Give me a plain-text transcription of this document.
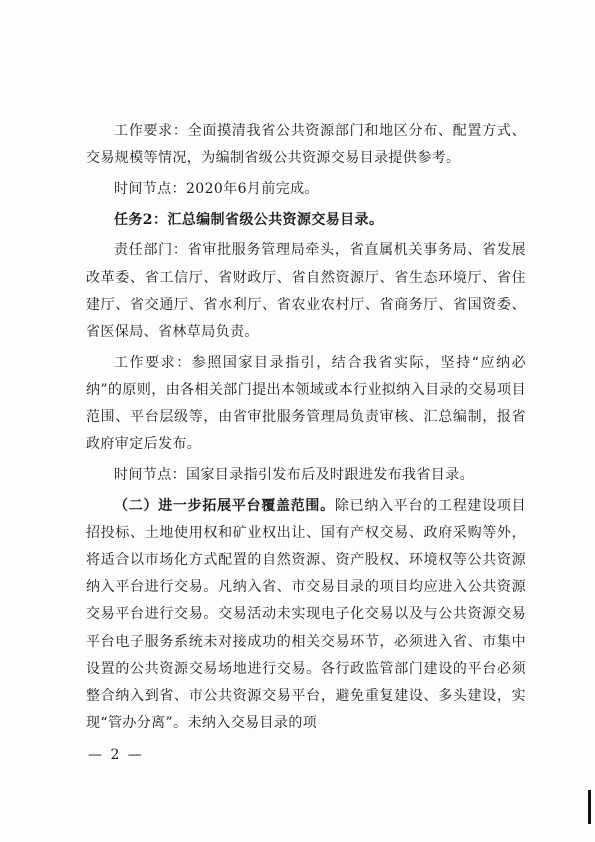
工作要求：全面摸清我省公共资源部门和地区分布、配置方式、交易规模等情况，为编制省级公共资源交易目录提供参考。

时间节点：2020年6月前完成。

任务2：汇总编制省级公共资源交易目录。

责任部门：省审批服务管理局牵头，省直属机关事务局、省发展改革委、省工信厅、省财政厅、省自然资源厅、省生态环境厅、省住建厅、省交通厅、省水利厅、省农业农村厅、省商务厅、省国资委、省医保局、省林草局负责。

工作要求：参照国家目录指引，结合我省实际，坚持“应纳必纳”的原则，由各相关部门提出本领域或本行业拟纳入目录的交易项目范围、平台层级等，由省审批服务管理局负责审核、汇总编制，报省政府审定后发布。

时间节点：国家目录指引发布后及时跟进发布我省目录。

（二）进一步拓展平台覆盖范围。除已纳入平台的工程建设项目招投标、土地使用权和矿业权出让、国有产权交易、政府采购等外，将适合以市场化方式配置的自然资源、资产股权、环境权等公共资源纳入平台进行交易。凡纳入省、市交易目录的项目均应进入公共资源交易平台进行交易。交易活动未实现电子化交易以及与公共资源交易平台电子服务系统未对接成功的相关交易环节，必须进入省、市集中设置的公共资源交易场地进行交易。各行政监管部门建设的平台必须整合纳入到省、市公共资源交易平台，避免重复建设、多头建设，实现“管办分离”。未纳入交易目录的项

— 2 —
